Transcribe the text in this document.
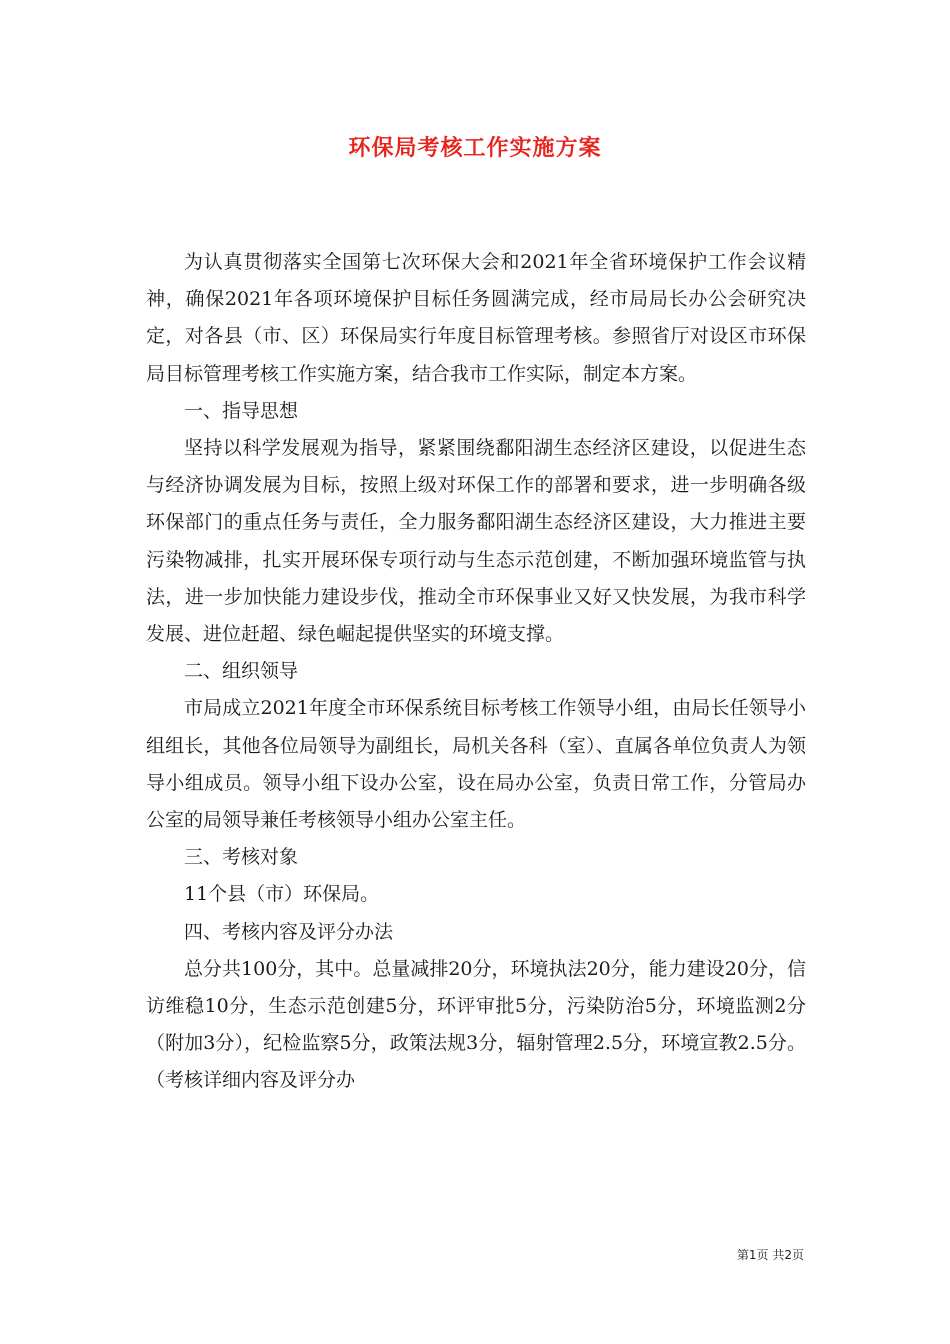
环保局考核工作实施方案

为认真贯彻落实全国第七次环保大会和2021年全省环境保护工作会议精神，确保2021年各项环境保护目标任务圆满完成，经市局局长办公会研究决定，对各县（市、区）环保局实行年度目标管理考核。参照省厅对设区市环保局目标管理考核工作实施方案，结合我市工作实际，制定本方案。

一、指导思想

坚持以科学发展观为指导，紧紧围绕鄱阳湖生态经济区建设，以促进生态与经济协调发展为目标，按照上级对环保工作的部署和要求，进一步明确各级环保部门的重点任务与责任，全力服务鄱阳湖生态经济区建设，大力推进主要污染物减排，扎实开展环保专项行动与生态示范创建，不断加强环境监管与执法，进一步加快能力建设步伐，推动全市环保事业又好又快发展，为我市科学发展、进位赶超、绿色崛起提供坚实的环境支撑。

二、组织领导

市局成立2021年度全市环保系统目标考核工作领导小组，由局长任领导小组组长，其他各位局领导为副组长，局机关各科（室）、直属各单位负责人为领导小组成员。领导小组下设办公室，设在局办公室，负责日常工作，分管局办公室的局领导兼任考核领导小组办公室主任。

三、考核对象

11个县（市）环保局。

四、考核内容及评分办法

总分共100分，其中。总量减排20分，环境执法20分，能力建设20分，信访维稳10分，生态示范创建5分，环评审批5分，污染防治5分，环境监测2分（附加3分），纪检监察5分，政策法规3分，辐射管理2.5分，环境宣教2.5分。（考核详细内容及评分办

第1页 共2页
